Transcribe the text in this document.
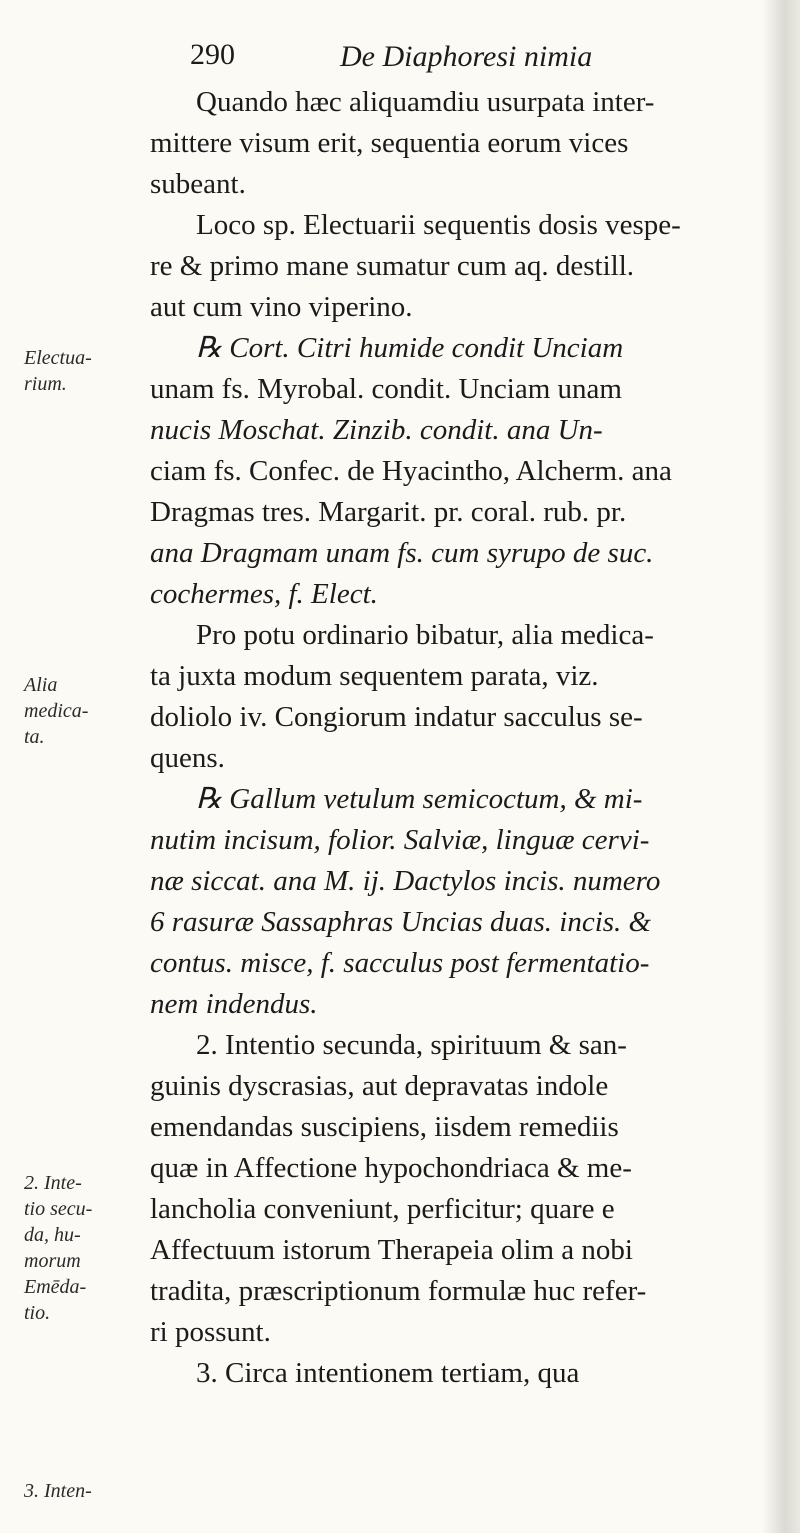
290	De Diaphoresi nimia
Electua-
rium.
Alia
medica-
ta.
2. Inte-
tio secu-
da, hu-
morum
Emēda-
tio.
3. Inten-
Quando hæc aliquamdiu usurpata inter-
mittere visum erit, sequentia eorum vices
subeant.
Loco sp. Electuarii sequentis dosis vespe-
re & primo mane sumatur cum aq. destill.
aut cum vino viperino.
℞ Cort. Citri humide condit Unciam
unam fs. Myrobal. condit. Unciam unam
nucis Moschat. Zinzib. condit. ana Un-
ciam fs. Confec. de Hyacintho, Alcherm. ana
Dragmas tres. Margarit. pr. coral. rub. pr.
ana Dragmam unam fs. cum syrupo de suc.
cochermes, f. Elect.
Pro potu ordinario bibatur, alia medica-
ta juxta modum sequentem parata, viz.
doliolo iv. Congiorum indatur sacculus se-
quens.
℞ Gallum vetulum semicoctum, & mi-
nutim incisum, folior. Salviæ, linguæ cervi-
næ siccat. ana M. ij. Dactylos incis. numero
6 rasuræ Sassaphras Uncias duas. incis. &
contus. misce, f. sacculus post fermentatio-
nem indendus.
2. Intentio secunda, spirituum & san-
guinis dyscrasias, aut depravatas indole
emendandas suscipiens, iisdem remediis
quæ in Affectione hypochondriaca & me-
lancholia conveniunt, perficitur; quare e
Affectuum istorum Therapeia olim a nobi
tradita, præscriptionum formulæ huc refer-
ri possunt.
3. Circa intentionem tertiam, qua
